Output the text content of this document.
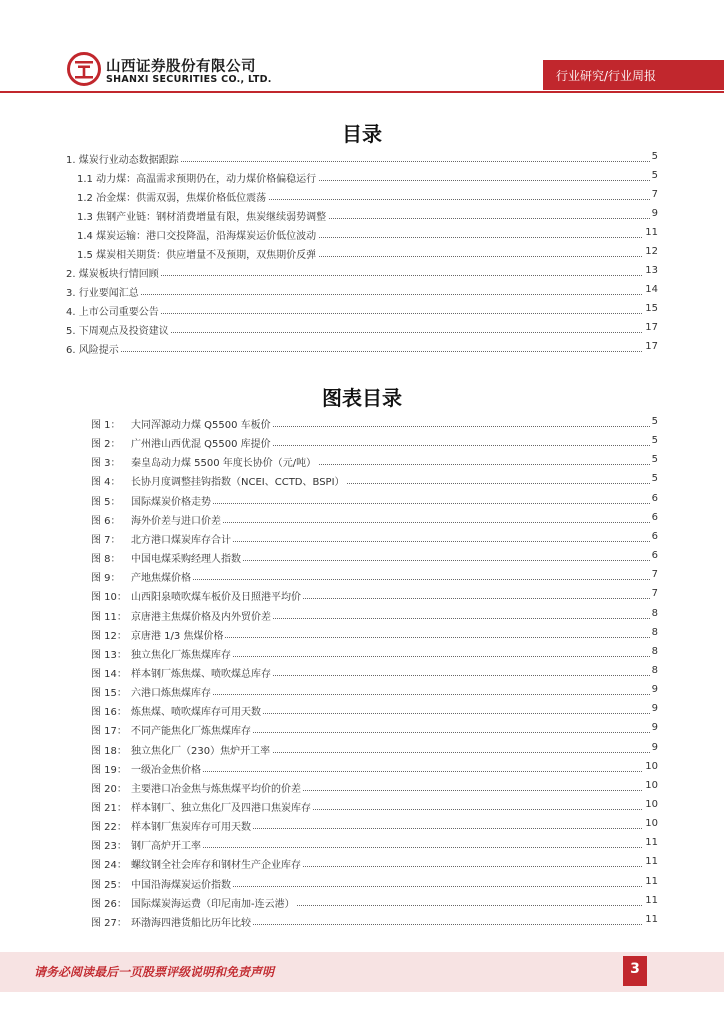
山西证券股份有限公司
SHANXI SECURITIES CO., LTD.	行业研究/行业周报
目录
1. 煤炭行业动态数据跟踪	5
1.1 动力煤：高温需求预期仍在，动力煤价格偏稳运行	5
1.2 冶金煤：供需双弱，焦煤价格低位震荡	7
1.3 焦钢产业链：钢材消费增量有限，焦炭继续弱势调整	9
1.4 煤炭运输：港口交投降温，沿海煤炭运价低位波动	11
1.5 煤炭相关期货：供应增量不及预期，双焦期价反弹	12
2. 煤炭板块行情回顾	13
3. 行业要闻汇总	14
4. 上市公司重要公告	15
5. 下周观点及投资建议	17
6. 风险提示	17
图表目录
图 1： 大同浑源动力煤 Q5500 车板价	5
图 2： 广州港山西优混 Q5500 库提价	5
图 3： 秦皇岛动力煤 5500 年度长协价（元/吨）	5
图 4： 长协月度调整挂钩指数（NCEI、CCTD、BSPI）	5
图 5： 国际煤炭价格走势	6
图 6： 海外价差与进口价差	6
图 7： 北方港口煤炭库存合计	6
图 8： 中国电煤采购经理人指数	6
图 9： 产地焦煤价格	7
图 10： 山西阳泉喷吹煤车板价及日照港平均价	7
图 11： 京唐港主焦煤价格及内外贸价差	8
图 12： 京唐港 1/3 焦煤价格	8
图 13： 独立焦化厂炼焦煤库存	8
图 14： 样本钢厂炼焦煤、喷吹煤总库存	8
图 15： 六港口炼焦煤库存	9
图 16： 炼焦煤、喷吹煤库存可用天数	9
图 17： 不同产能焦化厂炼焦煤库存	9
图 18： 独立焦化厂（230）焦炉开工率	9
图 19： 一级冶金焦价格	10
图 20： 主要港口冶金焦与炼焦煤平均价的价差	10
图 21： 样本钢厂、独立焦化厂及四港口焦炭库存	10
图 22： 样本钢厂焦炭库存可用天数	10
图 23： 钢厂高炉开工率	11
图 24： 螺纹钢全社会库存和钢材生产企业库存	11
图 25： 中国沿海煤炭运价指数	11
图 26： 国际煤炭海运费（印尼南加-连云港）	11
图 27： 环渤海四港货船比历年比较	11
请务必阅读最后一页股票评级说明和免责声明	3
